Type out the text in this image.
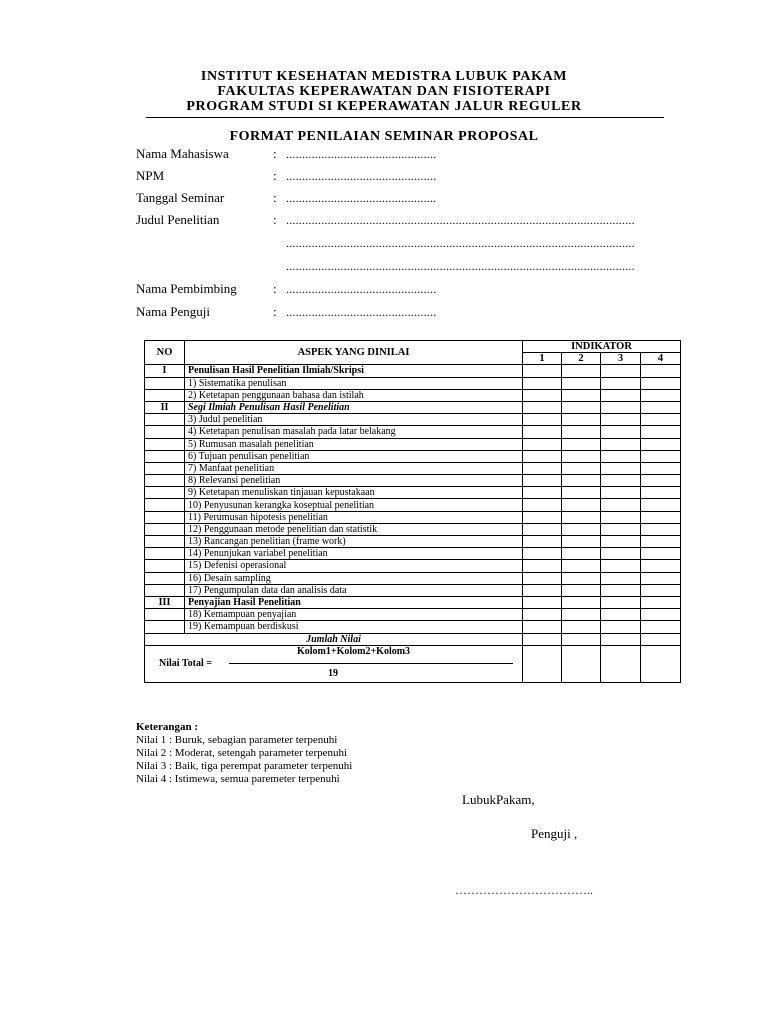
INSTITUT KESEHATAN MEDISTRA LUBUK PAKAM
FAKULTAS KEPERAWATAN DAN FISIOTERAPI
PROGRAM STUDI SI KEPERAWATAN JALUR REGULER
FORMAT PENILAIAN SEMINAR PROPOSAL
Nama Mahasiswa	: ...............................................
NPM	: ...............................................
Tanggal Seminar	: ...............................................
Judul Penelitian	: .............................................................................................................
.............................................................................................................
.............................................................................................................
Nama Pembimbing	: ...............................................
Nama Penguji	: ...............................................
NO	ASPEK YANG DINILAI	INDIKATOR			
		1	2	3	4
I	Penulisan Hasil Penelitian Ilmiah/Skripsi				
	1) Sistematika penulisan				
	2) Ketetapan penggunaan bahasa dan istilah				
II	Segi Ilmiah Penulisan Hasil Penelitian				
	3) Judul penelitian				
	4) Ketetapan penulisan masalah pada latar belakang				
	5) Rumusan masalah penelitian				
	6) Tujuan penulisan penelitian				
	7) Manfaat penelitian				
	8) Relevansi penelitian				
	9) Ketetapan menuliskan tinjauan kepustakaan				
	10) Penyusunan kerangka koseptual penelitian				
	11) Perumusan hipotesis penelitian				
	12) Penggunaan metode penelitian dan statistik				
	13) Rancangan penelitian (frame work)				
	14) Penunjukan variabel penelitian				
	15) Defenisi operasional				
	16) Desain sampling				
	17) Pengumpulan data dan analisis data				
III	Penyajian Hasil Penelitian				
	18) Kemampuan penyajian				
	19) Kemampuan berdiskusi				
Jumlah Nilai					

Nilai Total =
Kolom1+Kolom2+Kolom3
19					

Keterangan :
Nilai 1 : Buruk, sebagian parameter terpenuhi
Nilai 2 : Moderat, setengah parameter terpenuhi
Nilai 3 : Baik, tiga perempat parameter terpenuhi
Nilai 4 : Istimewa, semua paremeter terpenuhi
LubukPakam,
Penguji ,
……………………………..
